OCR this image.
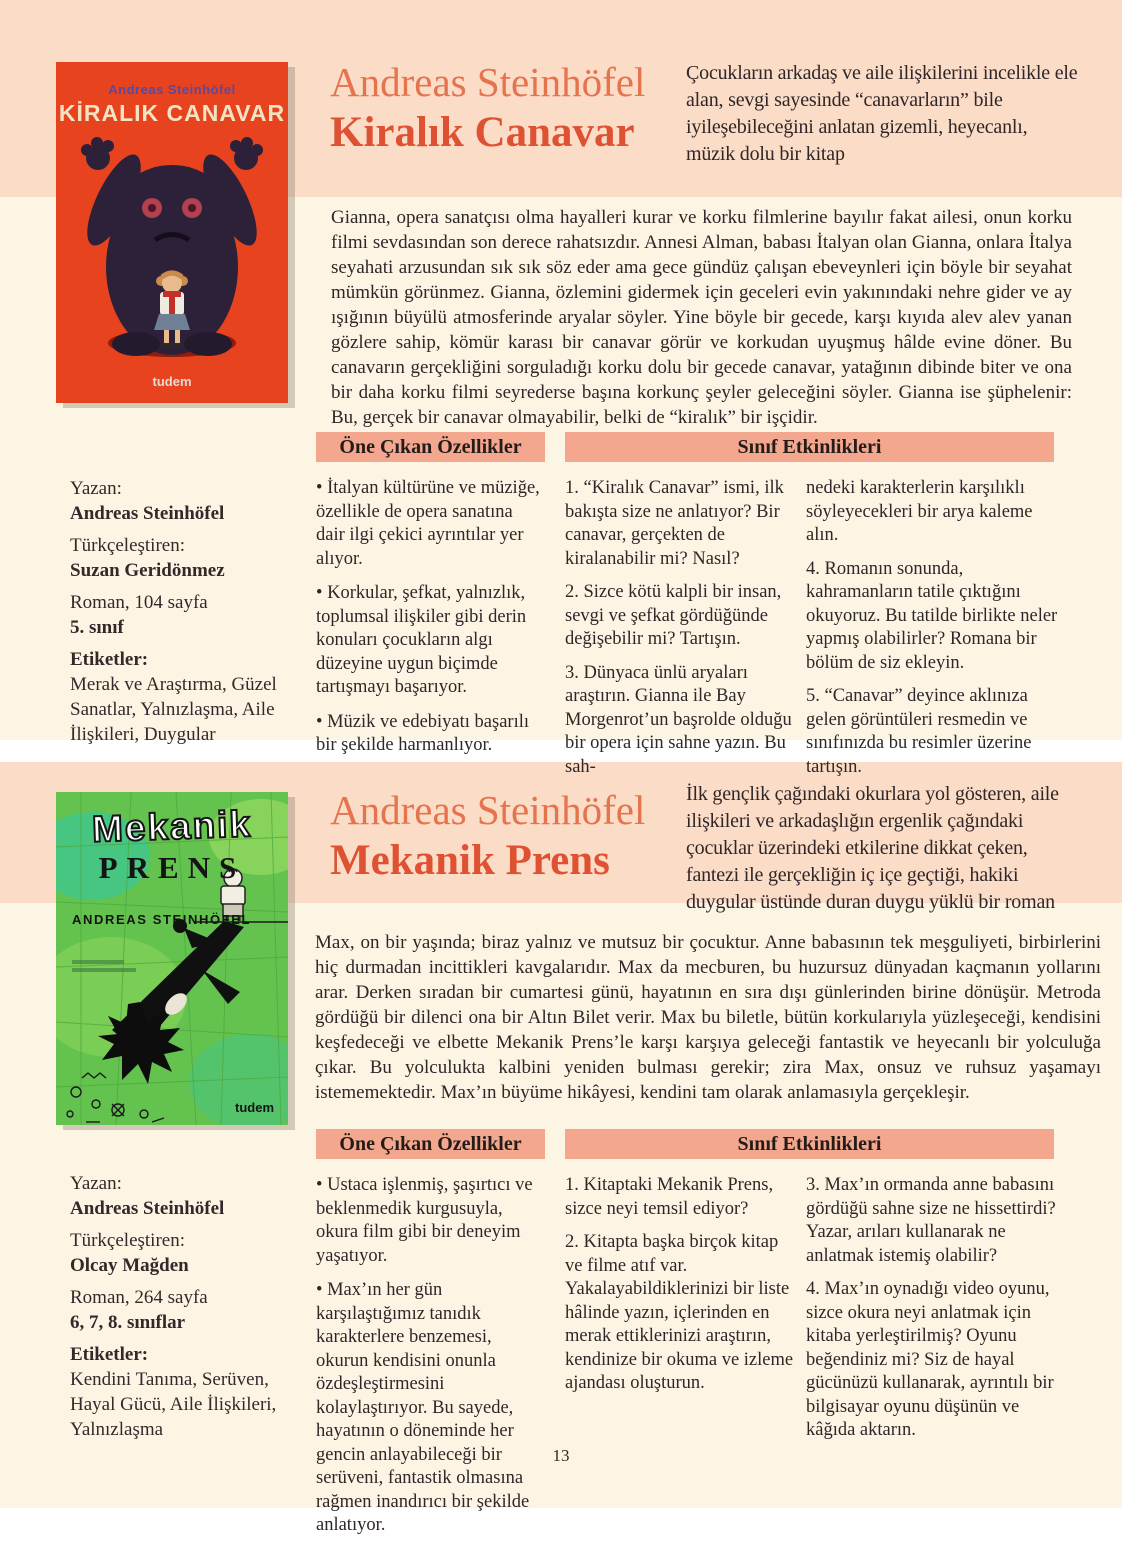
Andreas Steinhöfel
KİRALIK CANAVAR
tudem
Andreas Steinhöfel
Kiralık Canavar
Çocukların arkadaş ve aile ilişkilerini incelikle ele alan, sevgi sayesinde “canavarların” bile iyileşebileceğini anlatan gizemli, heyecanlı, müzik dolu bir kitap
Gianna, opera sanatçısı olma hayalleri kurar ve korku filmlerine bayılır fakat ailesi, onun korku filmi sevdasından son derece rahatsızdır. Annesi Alman, babası İtalyan olan Gianna, onlara İtalya seyahati arzusundan sık sık söz eder ama gece gündüz çalışan ebeveynleri için böyle bir seyahat mümkün görünmez. Gianna, özlemini gidermek için geceleri evin yakınındaki nehre gider ve ay ışığının büyülü atmosferinde aryalar söyler. Yine böyle bir gecede, karşı kıyıda alev alev yanan gözlere sahip, kömür karası bir canavar görür ve korkudan uyuşmuş hâlde evine döner. Bu canavarın gerçekliğini sorguladığı korku dolu bir gecede canavar, yatağının dibinde biter ve ona bir daha korku filmi seyrederse başına korkunç şeyler geleceğini söyler. Gianna ise şüphelenir: Bu, gerçek bir canavar olmayabilir, belki de “kiralık” bir işçidir.
Öne Çıkan Özellikler	Sınıf Etkinlikleri
Yazan:
Andreas Steinhöfel
Türkçeleştiren:
Suzan Geridönmez
Roman, 104 sayfa
5. sınıf
Etiketler:
Merak ve Araştırma, Güzel Sanatlar, Yalnızlaşma, Aile İlişkileri, Duygular
• İtalyan kültürüne ve müziğe, özellikle de opera sanatına dair ilgi çekici ayrıntılar yer alıyor.
• Korkular, şefkat, yalnızlık, toplumsal ilişkiler gibi derin konuları çocukların algı düzeyine uygun biçimde tartışmayı başarıyor.
• Müzik ve edebiyatı başarılı bir şekilde harmanlıyor.
1. “Kiralık Canavar” ismi, ilk bakışta size ne anlatıyor? Bir canavar, gerçekten de kiralanabilir mi? Nasıl?
2. Sizce kötü kalpli bir insan, sevgi ve şefkat gördüğünde değişebilir mi? Tartışın.
3. Dünyaca ünlü aryaları araştırın. Gianna ile Bay Morgenrot’un başrolde olduğu bir opera için sahne yazın. Bu sah-
nedeki karakterlerin karşılıklı söyleyecekleri bir arya kaleme alın.
4. Romanın sonunda, kahramanların tatile çıktığını okuyoruz. Bu tatilde birlikte neler yapmış olabilirler? Romana bir bölüm de siz ekleyin.
5. “Canavar” deyince aklınıza gelen görüntüleri resmedin ve sınıfınızda bu resimler üzerine tartışın.
Mekanik
PRENS
ANDREAS STEINHÖFEL
tudem
Andreas Steinhöfel
Mekanik Prens
İlk gençlik çağındaki okurlara yol gösteren, aile ilişkileri ve arkadaşlığın ergenlik çağındaki çocuklar üzerindeki etkilerine dikkat çeken, fantezi ile gerçekliğin iç içe geçtiği, hakiki duygular üstünde duran duygu yüklü bir roman
Max, on bir yaşında; biraz yalnız ve mutsuz bir çocuktur. Anne babasının tek meşguliyeti, birbirlerini hiç durmadan incittikleri kavgalarıdır. Max da mecburen, bu huzursuz dünyadan kaçmanın yollarını arar. Derken sıradan bir cumartesi günü, hayatının en sıra dışı günlerinden birine dönüşür. Metroda gördüğü bir dilenci ona bir Altın Bilet verir. Max bu biletle, bütün korkularıyla yüzleşeceği, kendisini keşfedeceği ve elbette Mekanik Prens’le karşı karşıya geleceği fantastik ve heyecanlı bir yolculuğa çıkar. Bu yolculukta kalbini yeniden bulması gerekir; zira Max, onsuz ve ruhsuz yaşamayı istememektedir. Max’ın büyüme hikâyesi, kendini tam olarak anlamasıyla gerçekleşir.
Öne Çıkan Özellikler	Sınıf Etkinlikleri
Yazan:
Andreas Steinhöfel
Türkçeleştiren:
Olcay Mağden
Roman, 264 sayfa
6, 7, 8. sınıflar
Etiketler:
Kendini Tanıma, Serüven, Hayal Gücü, Aile İlişkileri, Yalnızlaşma
• Ustaca işlenmiş, şaşırtıcı ve beklenmedik kurgusuyla, okura film gibi bir deneyim yaşatıyor.
• Max’ın her gün karşılaştığımız tanıdık karakterlere benzemesi, okurun kendisini onunla özdeşleştirmesini kolaylaştırıyor. Bu sayede, hayatının o döneminde her gencin anlayabileceği bir serüveni, fantastik olmasına rağmen inandırıcı bir şekilde anlatıyor.
1. Kitaptaki Mekanik Prens, sizce neyi temsil ediyor?
2. Kitapta başka birçok kitap ve filme atıf var. Yakalayabildiklerinizi bir liste hâlinde yazın, içlerinden en merak ettiklerinizi araştırın, kendinize bir okuma ve izleme ajandası oluşturun.
3. Max’ın ormanda anne babasını gördüğü sahne size ne hissettirdi? Yazar, arıları kullanarak ne anlatmak istemiş olabilir?
4. Max’ın oynadığı video oyunu, sizce okura neyi anlatmak için kitaba yerleştirilmiş? Oyunu beğendiniz mi? Siz de hayal gücünüzü kullanarak, ayrıntılı bir bilgisayar oyunu düşünün ve kâğıda aktarın.
13
